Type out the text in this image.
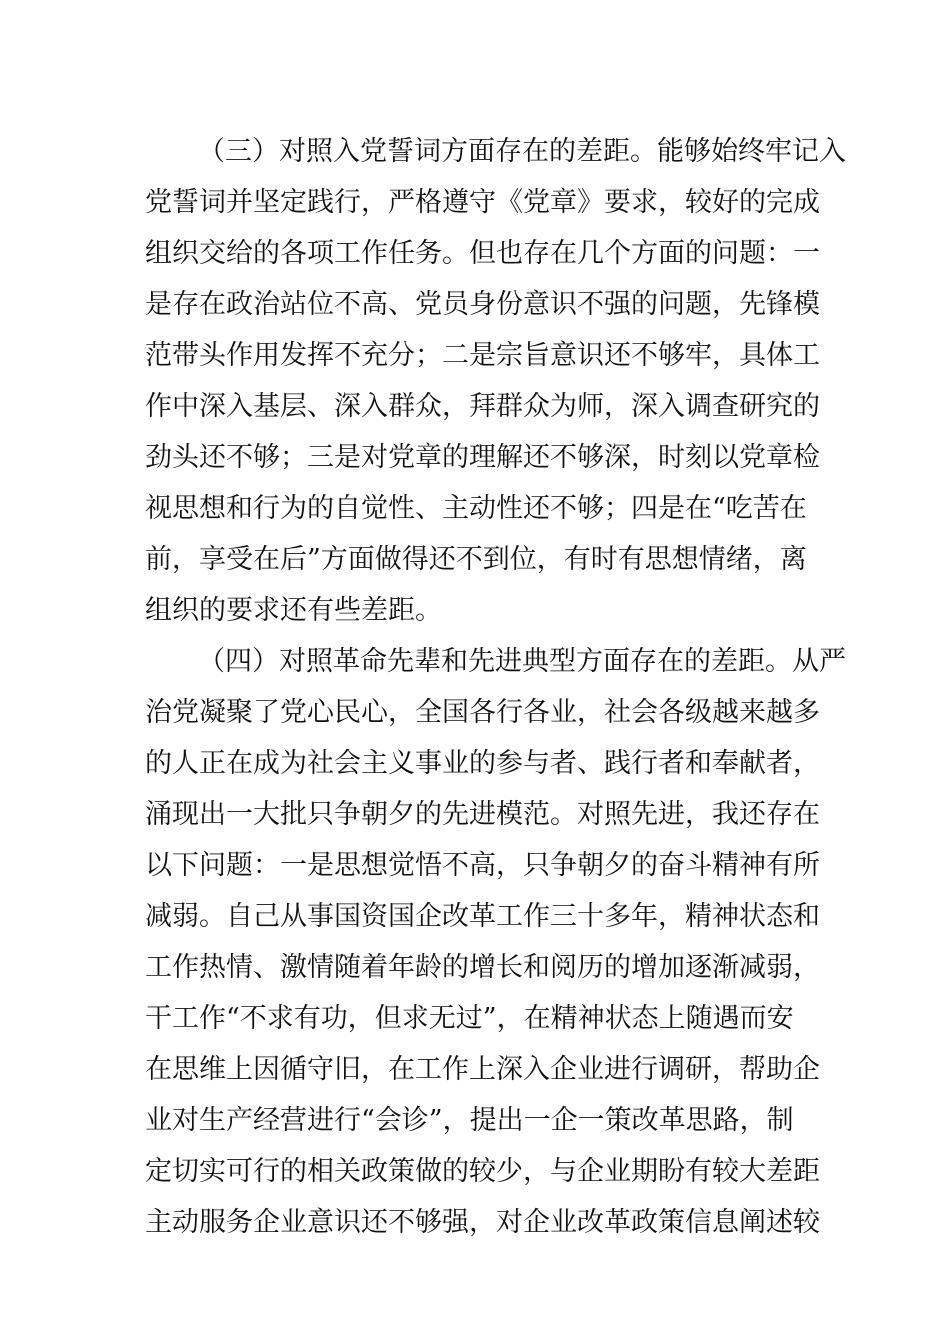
（三）对照入党誓词方面存在的差距。能够始终牢记入
党誓词并坚定践行，严格遵守《党章》要求，较好的完成
组织交给的各项工作任务。但也存在几个方面的问题：一
是存在政治站位不高、党员身份意识不强的问题，先锋模
范带头作用发挥不充分；二是宗旨意识还不够牢，具体工
作中深入基层、深入群众，拜群众为师，深入调查研究的
劲头还不够；三是对党章的理解还不够深，时刻以党章检
视思想和行为的自觉性、主动性还不够；四是在“吃苦在
前，享受在后”方面做得还不到位，有时有思想情绪，离
组织的要求还有些差距。
（四）对照革命先辈和先进典型方面存在的差距。从严
治党凝聚了党心民心，全国各行各业，社会各级越来越多
的人正在成为社会主义事业的参与者、践行者和奉献者，
涌现出一大批只争朝夕的先进模范。对照先进，我还存在
以下问题：一是思想觉悟不高，只争朝夕的奋斗精神有所
减弱。自己从事国资国企改革工作三十多年，精神状态和
工作热情、激情随着年龄的增长和阅历的增加逐渐减弱，
干工作“不求有功，但求无过”，在精神状态上随遇而安
在思维上因循守旧，在工作上深入企业进行调研，帮助企
业对生产经营进行“会诊”，提出一企一策改革思路，制
定切实可行的相关政策做的较少，与企业期盼有较大差距
主动服务企业意识还不够强，对企业改革政策信息阐述较
